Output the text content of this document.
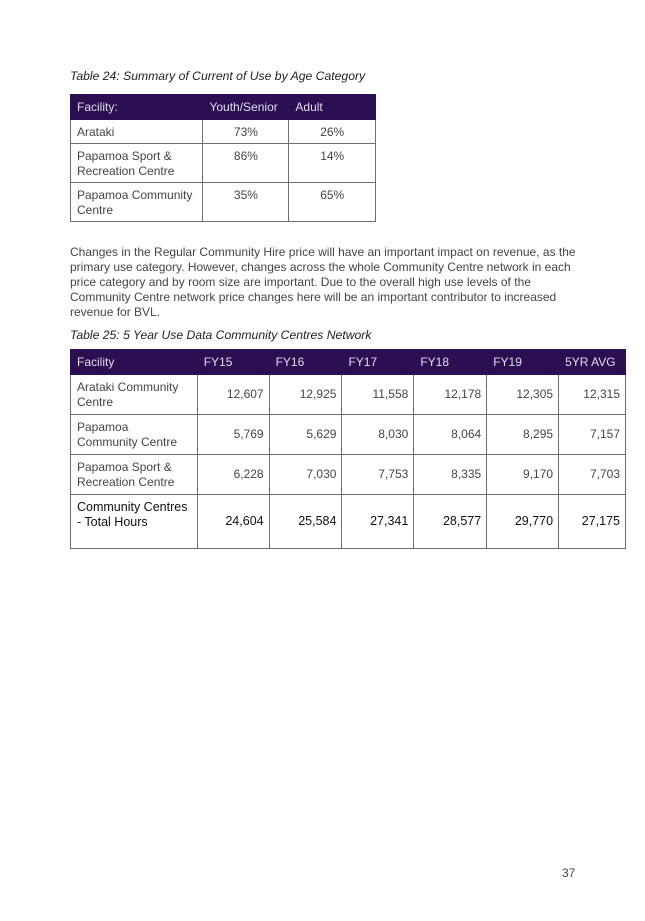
Table 24: Summary of Current of Use by Age Category
Facility:	Youth/Senior	Adult
Arataki	73%	26%
Papamoa Sport & Recreation Centre	86%	14%
Papamoa Community Centre	35%	65%
Changes in the Regular Community Hire price will have an important impact on revenue, as the primary use category. However, changes across the whole Community Centre network in each price category and by room size are important. Due to the overall high use levels of the Community Centre network price changes here will be an important contributor to increased revenue for BVL.
Table 25: 5 Year Use Data Community Centres Network
Facility	FY15	FY16	FY17	FY18	FY19	5YR AVG
Arataki Community Centre	12,607	12,925	11,558	12,178	12,305	12,315
Papamoa Community Centre	5,769	5,629	8,030	8,064	8,295	7,157
Papamoa Sport & Recreation Centre	6,228	7,030	7,753	8,335	9,170	7,703
Community Centres - Total Hours	24,604	25,584	27,341	28,577	29,770	27,175
37
